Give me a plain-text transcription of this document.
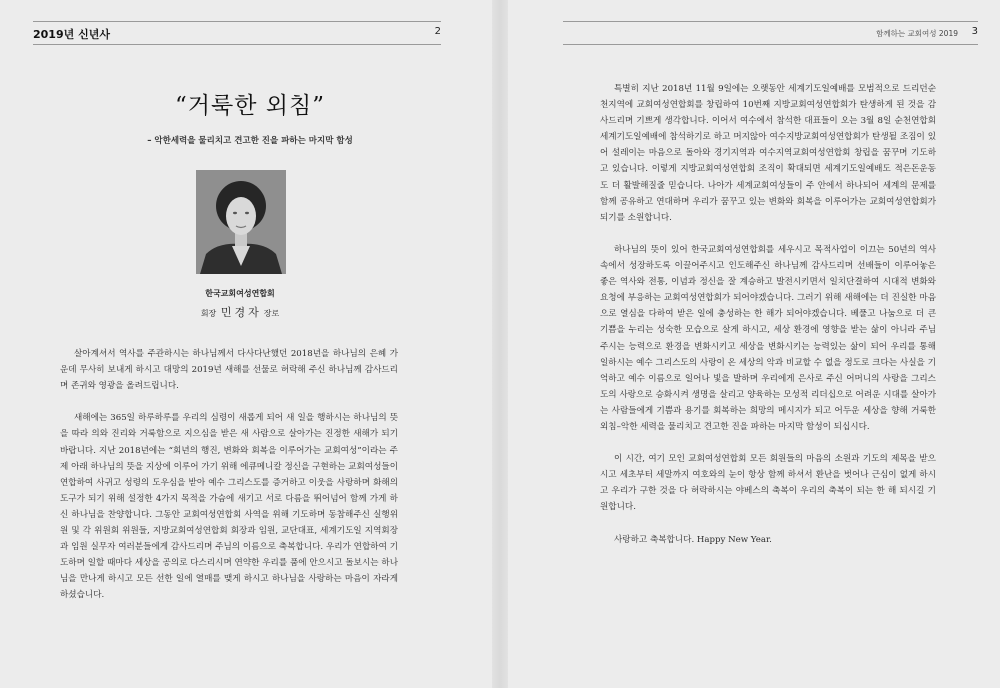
2019년 신년사	2
“거룩한 외침”
– 악한세력을 물리치고 견고한 진을 파하는 마지막 함성
한국교회여성연합회
회장 민경자 장로

살아계셔서 역사를 주관하시는 하나님께서 다사다난했던 2018년을 하나님의 은혜 가운데 무사히 보내게 하시고 대망의 2019년 새해를 선물로 허락해 주신 하나님께 감사드리며 존귀와 영광을 올려드립니다.

새해에는 365일 하루하루를 우리의 심령이 새롭게 되어 새 일을 행하시는 하나님의 뜻을 따라 의와 진리와 거룩함으로 지으심을 받은 새 사람으로 살아가는 진정한 새해가 되기 바랍니다. 지난 2018년에는 “회년의 행진, 변화와 회복을 이루어가는 교회여성”이라는 주제 아래 하나님의 뜻을 지상에 이루어 가기 위해 에큐메니칼 정신을 구현하는 교회여성들이 연합하여 사귀고 성령의 도우심을 받아 예수 그리스도를 증거하고 이웃을 사랑하며 화해의 도구가 되기 위해 설정한 4가지 목적을 가슴에 새기고 서로 다름을 뛰어넘어 함께 가게 하신 하나님을 찬양합니다. 그동안 교회여성연합회 사역을 위해 기도하며 동참해주신 실행위원 및 각 위원회 위원들, 지방교회여성연합회 회장과 임원, 교단대표, 세계기도일 지역회장과 임원 실무자 여러분들에게 감사드리며 주님의 이름으로 축복합니다. 우리가 연합하여 기도하며 일할 때마다 세상을 공의로 다스리시며 연약한 우리를 품에 안으시고 돌보시는 하나님을 만나게 하시고 모든 선한 일에 열매를 맺게 하시고 하나님을 사랑하는 마음이 자라게 하셨습니다.

함께하는 교회여성 2019 3

특별히 지난 2018년 11월 9일에는 오랫동안 세계기도일예배를 모범적으로 드리던순천지역에 교회여성연합회를 창립하여 10번째 지방교회여성연합회가 탄생하게 된 것을 감사드리며 기쁘게 생각합니다. 이어서 여수에서 참석한 대표들이 오는 3월 8일 순천연합회 세계기도일예배에 참석하기로 하고 머지않아 여수지방교회여성연합회가 탄생될 조짐이 있어 설레이는 마음으로 돌아와 경기지역과 여수지역교회여성연합회 창립을 꿈꾸며 기도하고 있습니다. 이렇게 지방교회여성연합회 조직이 확대되면 세계기도일예배도 적은돈운동도 더 활발해질줄 믿습니다. 나아가 세계교회여성들이 주 안에서 하나되어 세계의 문제를 함께 공유하고 연대하며 우리가 꿈꾸고 있는 변화와 회복을 이루어가는 교회여성연합회가 되기를 소원합니다.

하나님의 뜻이 있어 한국교회여성연합회를 세우시고 목적사업이 이끄는 50년의 역사 속에서 성장하도록 이끌어주시고 인도해주신 하나님께 감사드리며 선배들이 이루어놓은 좋은 역사와 전통, 이념과 정신을 잘 계승하고 발전시키면서 일치단결하여 시대적 변화와 요청에 부응하는 교회여성연합회가 되어야겠습니다. 그러기 위해 새해에는 더 진실한 마음으로 열심을 다하여 받은 일에 충성하는 한 해가 되어야겠습니다. 베풀고 나눔으로 더 큰 기쁨을 누리는 성숙한 모습으로 살게 하시고, 세상 환경에 영향을 받는 삶이 아니라 주님 주시는 능력으로 환경을 변화시키고 세상을 변화시키는 능력있는 삶이 되어 우리를 통해 일하시는 예수 그리스도의 사랑이 온 세상의 악과 비교할 수 없을 정도로 크다는 사실을 기억하고 예수 이름으로 일어나 빛을 발하며 우리에게 은사로 주신 어머니의 사랑을 그리스도의 사랑으로 승화시켜 생명을 살리고 양육하는 모성적 리더십으로 어려운 시대를 살아가는 사람들에게 기쁨과 용기를 회복하는 희망의 메시지가 되고 어두운 세상을 향해 거룩한 외침–악한 세력을 물리치고 견고한 진을 파하는 마지막 함성이 되십시다.

이 시간, 여기 모인 교회여성연합회 모든 회원들의 마음의 소원과 기도의 제목을 받으시고 세초부터 세말까지 여호와의 눈이 항상 함께 하셔서 환난을 벗어나 근심이 없게 하시고 우리가 구한 것을 다 허락하시는 야베스의 축복이 우리의 축복이 되는 한 해 되시길 기원합니다.

사랑하고 축복합니다. Happy New Year.
